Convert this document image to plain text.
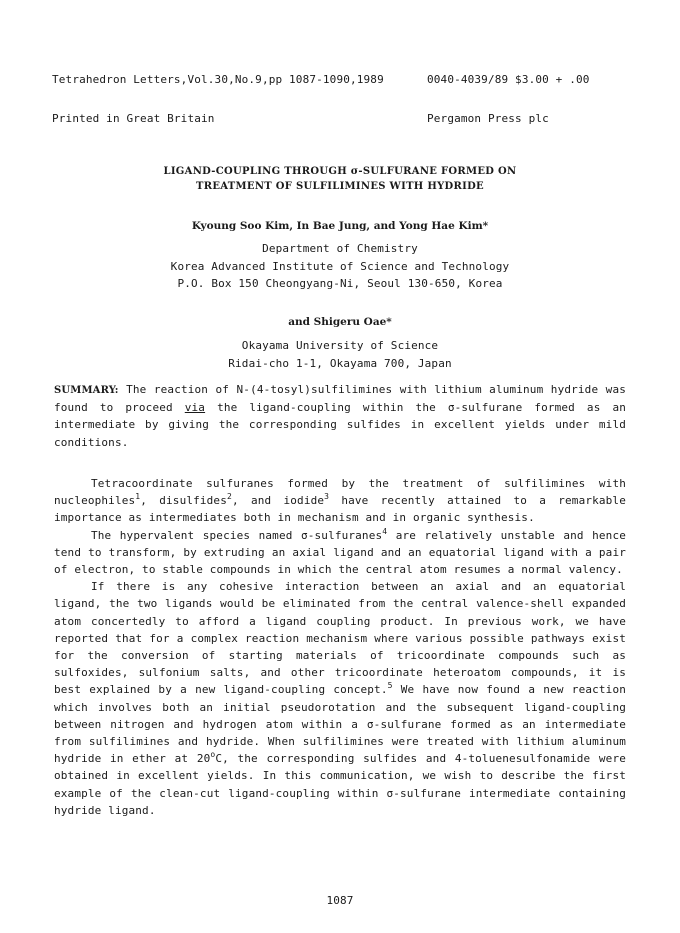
Tetrahedron Letters,Vol.30,No.9,pp 1087-1090,1989

Printed in Great Britain

0040-4039/89 $3.00 + .00

Pergamon Press plc

LIGAND-COUPLING THROUGH σ-SULFURANE FORMED ON
TREATMENT OF SULFILIMINES WITH HYDRIDE
Kyoung Soo Kim, In Bae Jung, and Yong Hae Kim*
Department of Chemistry
Korea Advanced Institute of Science and Technology
P.O. Box 150 Cheongyang-Ni, Seoul 130-650, Korea
and Shigeru Oae*
Okayama University of Science
Ridai-cho 1-1, Okayama 700, Japan

SUMMARY: The reaction of N-(4-tosyl)sulfilimines with lithium aluminum hydride was found to proceed via the ligand-coupling within the σ-sulfurane formed as an intermediate by giving the corresponding sulfides in excellent yields under mild conditions.

Tetracoordinate sulfuranes formed by the treatment of sulfilimines with nucleophiles$^1$, disulfides$^2$, and iodide$^3$ have recently attained to a remarkable importance as intermediates both in mechanism and in organic synthesis.

The hypervalent species named σ-sulfuranes$^4$ are relatively unstable and hence tend to transform, by extruding an axial ligand and an equatorial ligand with a pair of electron, to stable compounds in which the central atom resumes a normal valency.

If there is any cohesive interaction between an axial and an equatorial ligand, the two ligands would be eliminated from the central valence-shell expanded atom concertedly to afford a ligand coupling product. In previous work, we have reported that for a complex reaction mechanism where various possible pathways exist for the conversion of starting materials of tricoordinate compounds such as sulfoxides, sulfonium salts, and other tricoordinate heteroatom compounds, it is best explained by a new ligand-coupling concept.$^5$ We have now found a new reaction which involves both an initial pseudorotation and the subsequent ligand-coupling between nitrogen and hydrogen atom within a σ-sulfurane formed as an intermediate from sulfilimines and hydride. When sulfilimines were treated with lithium aluminum hydride in ether at 20$^o$C, the corresponding sulfides and 4-toluenesulfonamide were obtained in excellent yields. In this communication, we wish to describe the first example of the clean-cut ligand-coupling within σ-sulfurane intermediate containing hydride ligand.

1087
